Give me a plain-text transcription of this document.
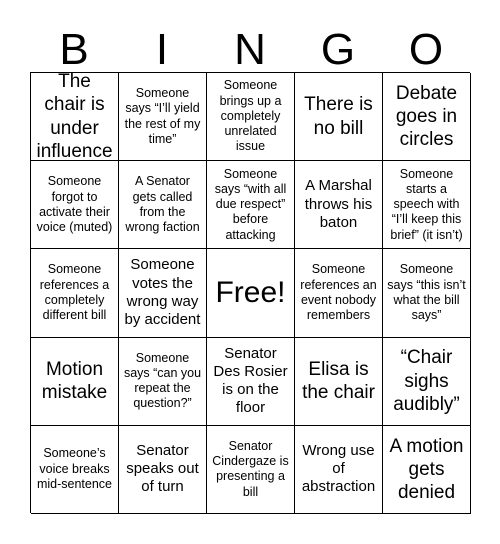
B	I	N	G	O
The chair is under influence
Someone says “I’ll yield the rest of my time”
Someone brings up a completely unrelated issue
There is no bill
Debate goes in circles
Someone forgot to activate their voice (muted)
A Senator gets called from the wrong faction
Someone says “with all due respect” before attacking
A Marshal throws his baton
Someone starts a speech with “I’ll keep this brief” (it isn’t)
Someone references a completely different bill
Someone votes the wrong way by accident
Free!
Someone references an event nobody remembers
Someone says “this isn’t what the bill says”
Motion mistake
Someone says “can you repeat the question?”
Senator Des Rosier is on the floor
Elisa is the chair
“Chair sighs audibly”
Someone’s voice breaks mid-sentence
Senator speaks out of turn
Senator Cindergaze is presenting a bill
Wrong use of abstraction
A motion gets denied
